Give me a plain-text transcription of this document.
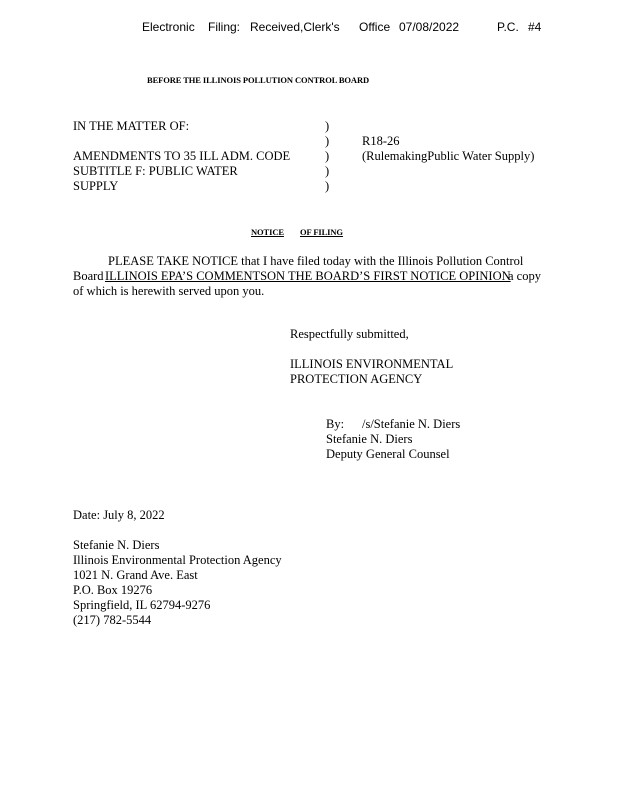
Electronic Filing: Received,Clerk's Office 07/08/2022	P.C. #4
BEFORE THE ILLINOIS POLLUTION CONTROL BOARD
IN THE MATTER OF:
AMENDMENTS TO 35 ILL ADM. CODE
SUBTITLE F: PUBLIC WATER
SUPPLY
)
)
)
)
)
R18-26
(RulemakingPublic Water Supply)
NOTICE	OF FILING
PLEASE TAKE NOTICE that I have filed today with the Illinois Pollution Control
Board ILLINOIS EPA’S COMMENTS ON THE BOARD’S FIRST NOTICE OPINION
a copy
of which is herewith served upon you.
Respectfully submitted,
ILLINOIS ENVIRONMENTAL
PROTECTION AGENCY
By: /s/Stefanie N. Diers
Stefanie N. Diers
Deputy General Counsel
Date: July 8, 2022
Stefanie N. Diers
Illinois Environmental Protection Agency
1021 N. Grand Ave. East
P.O. Box 19276
Springfield, IL 62794-9276
(217) 782-5544
